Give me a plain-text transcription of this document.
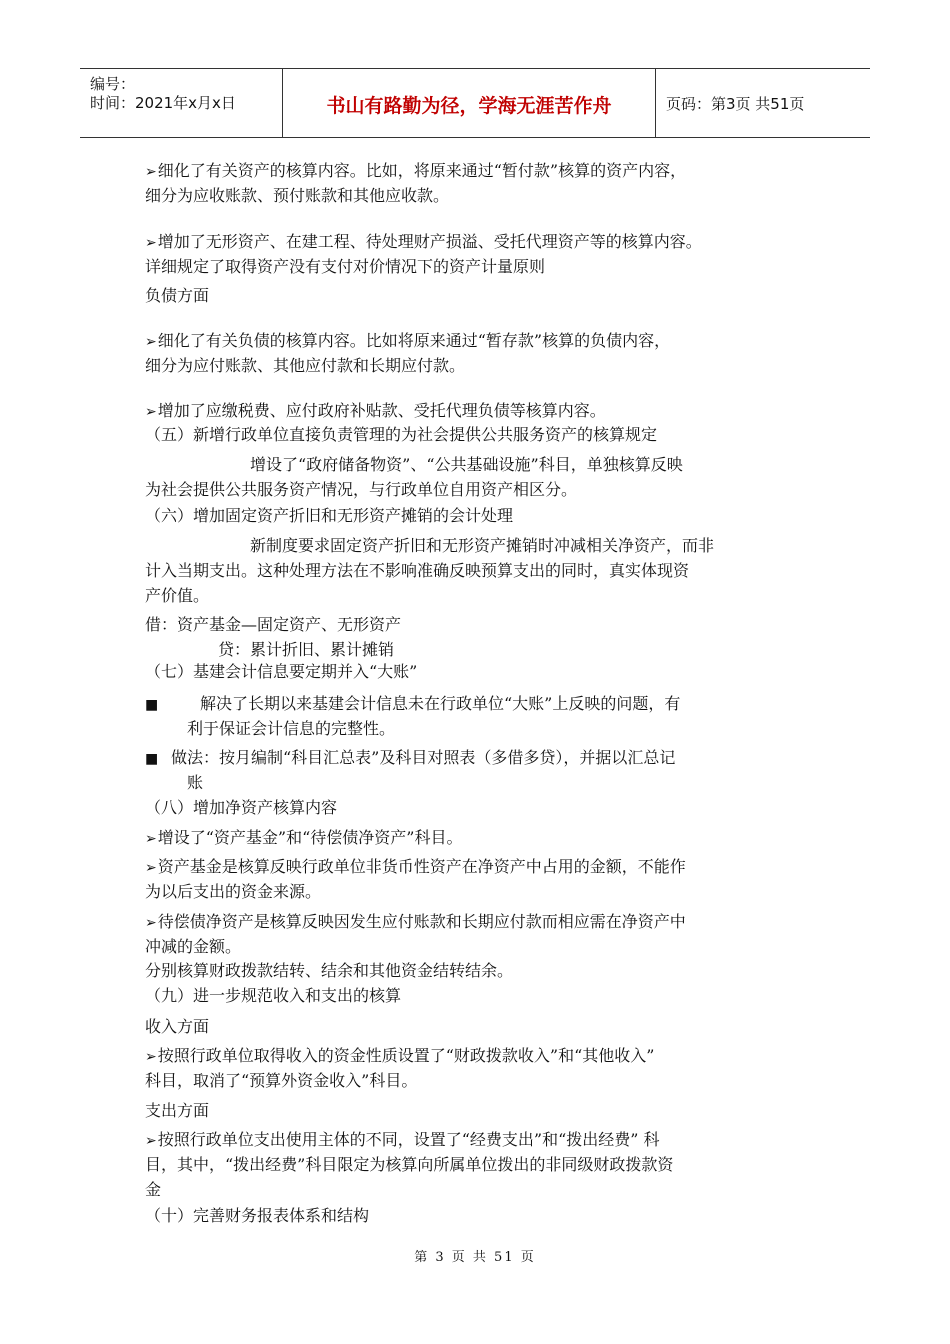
编号：
时间：2021年x月x日	书山有路勤为径，学海无涯苦作舟	页码：第3页 共51页
➢细化了有关资产的核算内容。比如，将原来通过“暂付款”核算的资产内容，
细分为应收账款、预付账款和其他应收款。
➢增加了无形资产、在建工程、待处理财产损溢、受托代理资产等的核算内容。
详细规定了取得资产没有支付对价情况下的资产计量原则
负债方面
➢细化了有关负债的核算内容。比如将原来通过“暂存款”核算的负债内容，
细分为应付账款、其他应付款和长期应付款。
➢增加了应缴税费、应付政府补贴款、受托代理负债等核算内容。
（五）新增行政单位直接负责管理的为社会提供公共服务资产的核算规定
增设了“政府储备物资”、“公共基础设施”科目，单独核算反映
为社会提供公共服务资产情况，与行政单位自用资产相区分。
（六）增加固定资产折旧和无形资产摊销的会计处理
新制度要求固定资产折旧和无形资产摊销时冲减相关净资产，而非
计入当期支出。这种处理方法在不影响准确反映预算支出的同时，真实体现资
产价值。
借：资产基金—固定资产、无形资产
贷：累计折旧、累计摊销
（七）基建会计信息要定期并入“大账”
■	解决了长期以来基建会计信息未在行政单位“大账”上反映的问题，有
利于保证会计信息的完整性。
■ 做法：按月编制“科目汇总表”及科目对照表（多借多贷），并据以汇总记
账
（八）增加净资产核算内容
➢增设了“资产基金”和“待偿债净资产”科目。
➢资产基金是核算反映行政单位非货币性资产在净资产中占用的金额，不能作
为以后支出的资金来源。
➢待偿债净资产是核算反映因发生应付账款和长期应付款而相应需在净资产中
冲减的金额。
分别核算财政拨款结转、结余和其他资金结转结余。
（九）进一步规范收入和支出的核算
收入方面
➢按照行政单位取得收入的资金性质设置了“财政拨款收入”和“其他收入”
科目，取消了“预算外资金收入”科目。
支出方面
➢按照行政单位支出使用主体的不同，设置了“经费支出”和“拨出经费” 科
目，其中，“拨出经费”科目限定为核算向所属单位拨出的非同级财政拨款资
金
（十）完善财务报表体系和结构
第 3 页 共 51 页
